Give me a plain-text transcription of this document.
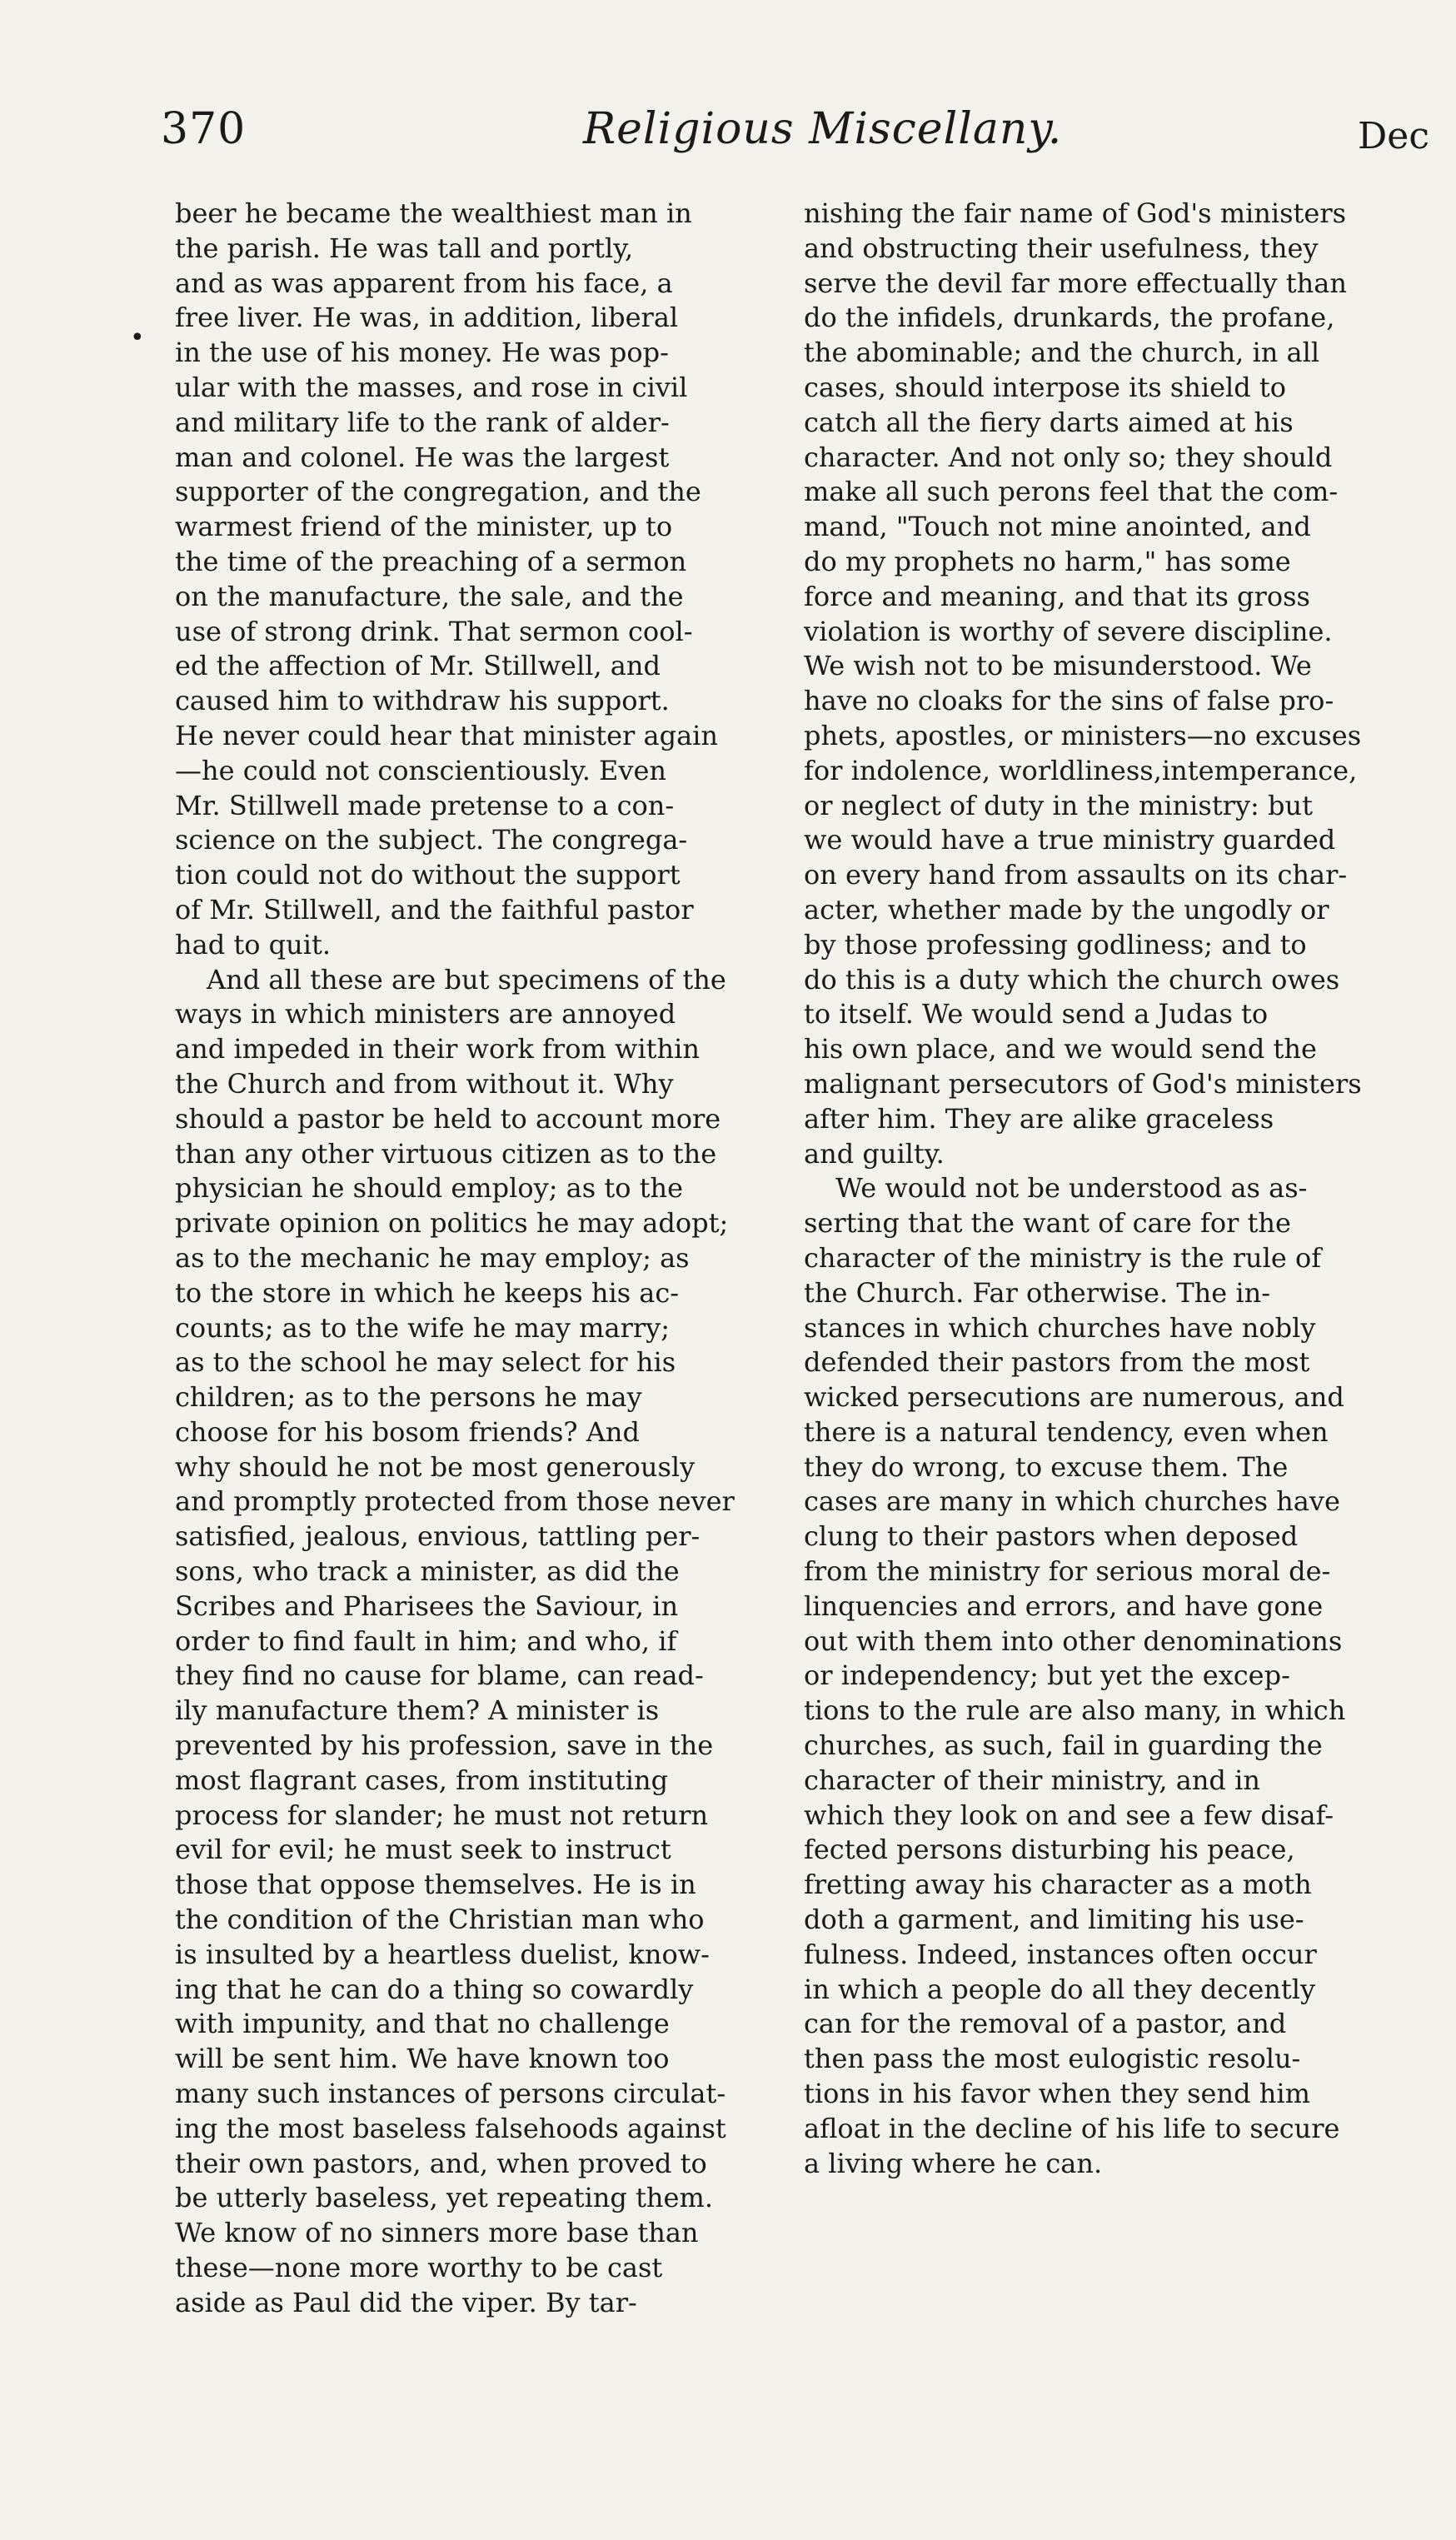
370	Religious Miscellany.	Dec
•
beer he became the wealthiest man in
the parish. He was tall and portly,
and as was apparent from his face, a
free liver. He was, in addition, liberal
in the use of his money. He was pop-
ular with the masses, and rose in civil
and military life to the rank of alder-
man and colonel. He was the largest
supporter of the congregation, and the
warmest friend of the minister, up to
the time of the preaching of a sermon
on the manufacture, the sale, and the
use of strong drink. That sermon cool-
ed the affection of Mr. Stillwell, and
caused him to withdraw his support.
He never could hear that minister again
—he could not conscientiously. Even
Mr. Stillwell made pretense to a con-
science on the subject. The congrega-
tion could not do without the support
of Mr. Stillwell, and the faithful pastor
had to quit.
And all these are but specimens of the
ways in which ministers are annoyed
and impeded in their work from within
the Church and from without it. Why
should a pastor be held to account more
than any other virtuous citizen as to the
physician he should employ; as to the
private opinion on politics he may adopt;
as to the mechanic he may employ; as
to the store in which he keeps his ac-
counts; as to the wife he may marry;
as to the school he may select for his
children; as to the persons he may
choose for his bosom friends? And
why should he not be most generously
and promptly protected from those never
satisfied, jealous, envious, tattling per-
sons, who track a minister, as did the
Scribes and Pharisees the Saviour, in
order to find fault in him; and who, if
they find no cause for blame, can read-
ily manufacture them? A minister is
prevented by his profession, save in the
most flagrant cases, from instituting
process for slander; he must not return
evil for evil; he must seek to instruct
those that oppose themselves. He is in
the condition of the Christian man who
is insulted by a heartless duelist, know-
ing that he can do a thing so cowardly
with impunity, and that no challenge
will be sent him. We have known too
many such instances of persons circulat-
ing the most baseless falsehoods against
their own pastors, and, when proved to
be utterly baseless, yet repeating them.
We know of no sinners more base than
these—none more worthy to be cast
aside as Paul did the viper. By tar-
nishing the fair name of God's ministers
and obstructing their usefulness, they
serve the devil far more effectually than
do the infidels, drunkards, the profane,
the abominable; and the church, in all
cases, should interpose its shield to
catch all the fiery darts aimed at his
character. And not only so; they should
make all such perons feel that the com-
mand, "Touch not mine anointed, and
do my prophets no harm," has some
force and meaning, and that its gross
violation is worthy of severe discipline.
We wish not to be misunderstood. We
have no cloaks for the sins of false pro-
phets, apostles, or ministers—no excuses
for indolence, worldliness,intemperance,
or neglect of duty in the ministry: but
we would have a true ministry guarded
on every hand from assaults on its char-
acter, whether made by the ungodly or
by those professing godliness; and to
do this is a duty which the church owes
to itself. We would send a Judas to
his own place, and we would send the
malignant persecutors of God's ministers
after him. They are alike graceless
and guilty.
We would not be understood as as-
serting that the want of care for the
character of the ministry is the rule of
the Church. Far otherwise. The in-
stances in which churches have nobly
defended their pastors from the most
wicked persecutions are numerous, and
there is a natural tendency, even when
they do wrong, to excuse them. The
cases are many in which churches have
clung to their pastors when deposed
from the ministry for serious moral de-
linquencies and errors, and have gone
out with them into other denominations
or independency; but yet the excep-
tions to the rule are also many, in which
churches, as such, fail in guarding the
character of their ministry, and in
which they look on and see a few disaf-
fected persons disturbing his peace,
fretting away his character as a moth
doth a garment, and limiting his use-
fulness. Indeed, instances often occur
in which a people do all they decently
can for the removal of a pastor, and
then pass the most eulogistic resolu-
tions in his favor when they send him
afloat in the decline of his life to secure
a living where he can.
